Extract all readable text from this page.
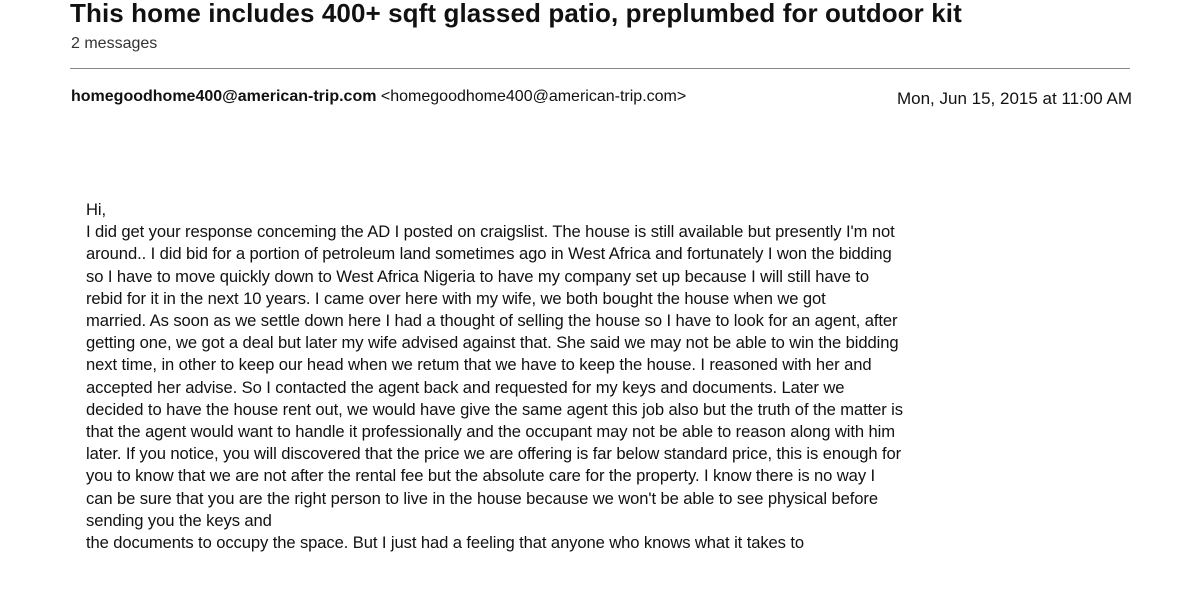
This home includes 400+ sqft glassed patio, preplumbed for outdoor kit
2 messages
homegoodhome400@american-trip.com <homegoodhome400@american-trip.com>	Mon, Jun 15, 2015 at 11:00 AM

Hi,

I did get your response conceming the AD I posted on craigslist. The house is still available but presently I'm not

around.. I did bid for a portion of petroleum land sometimes ago in West Africa and fortunately I won the bidding

so I have to move quickly down to West Africa Nigeria to have my company set up because I will still have to

rebid for it in the next 10 years. I came over here with my wife, we both bought the house when we got

married. As soon as we settle down here I had a thought of selling the house so I have to look for an agent, after

getting one, we got a deal but later my wife advised against that. She said we may not be able to win the bidding

next time, in other to keep our head when we retum that we have to keep the house. I reasoned with her and

accepted her advise. So I contacted the agent back and requested for my keys and documents. Later we

decided to have the house rent out, we would have give the same agent this job also but the truth of the matter is

that the agent would want to handle it professionally and the occupant may not be able to reason along with him

later. If you notice, you will discovered that the price we are offering is far below standard price, this is enough for

you to know that we are not after the rental fee but the absolute care for the property. I know there is no way I

can be sure that you are the right person to live in the house because we won't be able to see physical before

sending you the keys and

the documents to occupy the space. But I just had a feeling that anyone who knows what it takes to
